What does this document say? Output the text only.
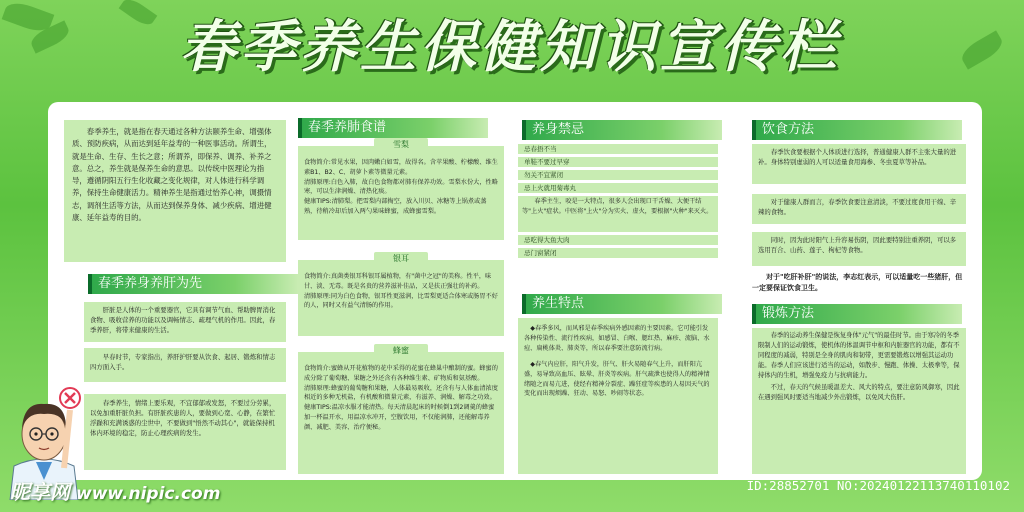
春季养生保健知识宣传栏

春季养生，就是指在春天通过各种方法颐养生命、增强体质、预防疾病，从而达到延年益寿的一种医事活动。所谓生，就是生命、生存、生长之意；所谓养，即保养、调养、补养之意。总之，养生就是保养生命的意思。以传统中医理论为指导，遵循阴阳五行生化收藏之变化规律，对人体进行科学调养，保持生命健康活力。精神养生是指通过怡养心神，调摄情志，调剂生活等方法，从而达到保养身体、减少疾病、增进健康、延年益寿的目的。

春季养身养肝为先

肝脏是人体的一个重要器官，它具有调节气血、帮助脾胃消化食物、吸收营养的功能以及调畅情志、疏理气机的作用。因此，春季养肝，将带来健康的生活。

早春时节，专家指出，养肝护肝要从饮食、起居、锻炼和情志四方面入手。

春季养生，情绪上要乐观，不宜郁郁或发怒，不要过分劳累，以免加重肝脏负担。有肝脏疾患的人，要做到心宽、心静，在繁忙浮躁和充满诱惑的尘世中，不要做到"悟然不动其心"，就能保持机体内环境的稳定，防止心理疾病的发生。

春季养肺食谱

食物简介:常见水果，因肉嫩白如雪，故得名。含苹果酸、柠檬酸、维生素B1、B2、C、胡萝卜素等微量元素。
清肺原理:白色入肺，故白色食物都对肺有保养功效。雪梨水份大，性略寒，可以生津润燥、清热化痰。
健康TIPS:清肺梨。把雪梨内部掏空，放入川贝、冰糖等上锅煮或蒸熟，待稍冷却后加入两勺果味蜂蜜，成蜂蜜雪梨。

雪梨

食物简介:真菌类银耳科银耳属植物，有"菌中之冠"的美称。性平，味甘、淡、无毒。既是名贵的营养滋补佳品，又是扶正强壮的补药。
清肺原理:同为白色食物，银耳性更滋润，比雪梨更适合体寒或肠胃不好的人，同时又有益气清肠的作用。

银耳

食物简介:蜜蜂从开花植物的花中采得的花蜜在蜂巢中酿制的蜜。蜂蜜的成分除了葡萄糖、果糖之外还含有各种维生素、矿物质和氨基酸。
清肺原理:蜂蜜的葡萄糖和果糖，人体最易吸收，还含有与人体血清浓度相近的多种无机盐，有机酸和微量元素，有滋养、润燥、解毒之功效。
健康TIPS:温凉水服才能清热。每天清晨起床的时候倒1到2调羹的蜂蜜加一杯温开水，用温凉水冲开，空腹饮用，不仅能润肺，还能解毒养颜、减肥、美容、治疗便秘。

蜂蜜
养身禁忌
忌春捂不当
单鞋不要过早穿
勿关不宜紧闭
忌上火就用菊毒丸

春季主生，咬是一大特点，很多人会出现口干舌燥、大便干结等"上火"症状。中医将"上火"分为实火、虚火，要根据"火种"来灭火。

忌吃得大鱼大肉
忌门窗紧闭
养生特点

◆春季多风，而风邪是春季疾病外感因素的主要因素。它可能引发各种传染性、流行性疾病，如感冒、白喉、腮红热、麻疹、流脑、水痘、扁桃体炎、肺炎等，所以春季要注意防流行病。

◆春气内应肝，阳气升发，肝气、肝火易随春气上升，而肝阳亢盛，易导致高血压、眩晕、肝炎等疾病。肝气疏泄也使得人的精神情绪随之而易亢进，使经有精神分裂症、躁狂症等疾患的人易因天气的变化而出现烦躁、狂动、易怒、吵闹等状态。

饮食方法

春季饮食要根据个人体质进行选择，普通健康人群不主张大量的进补。身体特别虚弱的人可以适量食用海参、冬虫夏草等补品。

对于健康人群而言，春季饮食要注意清淡，不要过度食用干缐、辛辣的食物。

同时，因为此时阳气上升容易伤阴，因此要特别注重养阴，可以多选用百合、山药、莲子、枸杞等食物。

对于"吃肝补肝"的说法，李志红表示，可以适量吃一些猪肝，但一定要保证饮食卫生。

锻炼方法

春季的运动养生保健是恢复身体"元气"的最佳时节。由于寒冷的冬季限制人们的运动锻炼，使机体的体温调节中枢和内脏器官的功能，都有不同程度的减弱，特别是全身的肌肉和韧带，更需要锻炼以增强其运动功能。春季人们应该进行适当的运动，如散步、慢跑、体操、太极拳等，保持体内的生机，增强免疫力与抗病能力。

不过，春天的气候虽暖温差大、风大的特点，要注意防风御寒，因此在遇到强风时要适当地减少外出锻炼，以免风大伤肝。

昵享网 www.nipic.com	ID:28852701 NO:20240122113740110102
